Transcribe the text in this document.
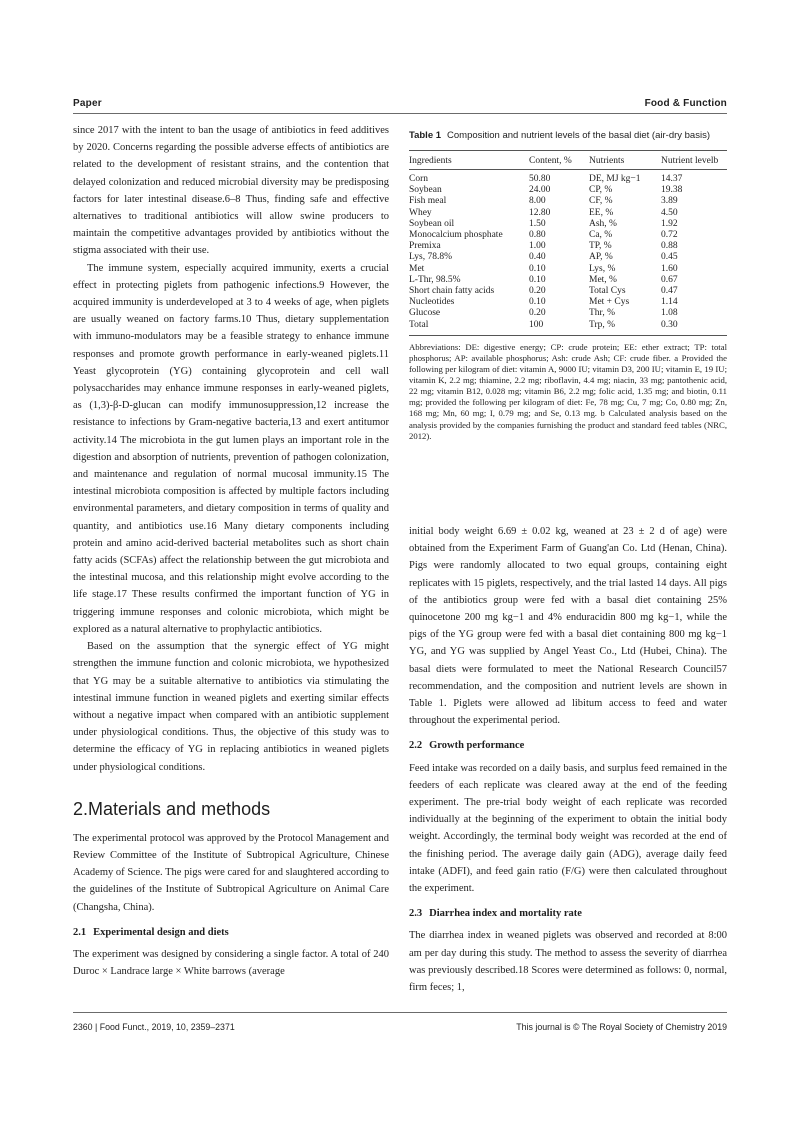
Paper	Food & Function

since 2017 with the intent to ban the usage of antibiotics in feed additives by 2020. Concerns regarding the possible adverse effects of antibiotics are related to the development of resistant strains, and the contention that delayed colonization and reduced microbial diversity may be predisposing factors for later intestinal disease.6–8 Thus, finding safe and effective alternatives to traditional antibiotics will allow swine producers to maintain the competitive advantages provided by antibiotics without the stigma associated with their use.

The immune system, especially acquired immunity, exerts a crucial effect in protecting piglets from pathogenic infections.9 However, the acquired immunity is underdeveloped at 3 to 4 weeks of age, when piglets are usually weaned on factory farms.10 Thus, dietary supplementation with immuno-modulators may be a feasible strategy to enhance immune responses and promote growth performance in early-weaned piglets.11 Yeast glycoprotein (YG) containing glycoprotein and cell wall polysaccharides may enhance immune responses in early-weaned piglets, as (1,3)-β-D-glucan can modify immunosuppression,12 increase the resistance to infections by Gram-negative bacteria,13 and exert antitumor activity.14 The microbiota in the gut lumen plays an important role in the digestion and absorption of nutrients, prevention of pathogen colonization, and maintenance and regulation of normal mucosal immunity.15 The intestinal microbiota composition is affected by multiple factors including environmental parameters, and dietary composition in terms of quality and quantity, and antibiotics use.16 Many dietary components including protein and amino acid-derived bacterial metabolites such as short chain fatty acids (SCFAs) affect the relationship between the gut microbiota and the intestinal mucosa, and this relationship might evolve according to the life stage.17 These results confirmed the important function of YG in triggering immune responses and colonic microbiota, which might be explored as a natural alternative to prophylactic antibiotics.

Based on the assumption that the synergic effect of YG might strengthen the immune function and colonic microbiota, we hypothesized that YG may be a suitable alternative to antibiotics via stimulating the intestinal immune function in weaned piglets and exerting similar effects without a negative impact when compared with an antibiotic supplement under physiological conditions. Thus, the objective of this study was to determine the efficacy of YG in replacing antibiotics in weaned piglets under physiological conditions.

2.Materials and methods

The experimental protocol was approved by the Protocol Management and Review Committee of the Institute of Subtropical Agriculture, Chinese Academy of Science. The pigs were cared for and slaughtered according to the guidelines of the Institute of Subtropical Agriculture on Animal Care (Changsha, China).

2.1 Experimental design and diets

The experiment was designed by considering a single factor. A total of 240 Duroc × Landrace large × White barrows (average

Table 1 Composition and nutrient levels of the basal diet (air-dry basis)
Ingredients	Content, %	Nutrients	Nutrient levelb
Corn	50.80	DE, MJ kg−1	14.37
Soybean	24.00	CP, %	19.38
Fish meal	8.00	CF, %	3.89
Whey	12.80	EE, %	4.50
Soybean oil	1.50	Ash, %	1.92
Monocalcium phosphate	0.80	Ca, %	0.72
Premixa	1.00	TP, %	0.88
Lys, 78.8%	0.40	AP, %	0.45
Met	0.10	Lys, %	1.60
L-Thr, 98.5%	0.10	Met, %	0.67
Short chain fatty acids	0.20	Total Cys	0.47
Nucleotides	0.10	Met + Cys	1.14
Glucose	0.20	Thr, %	1.08
Total	100	Trp, %	0.30
Abbreviations: DE: digestive energy; CP: crude protein; EE: ether extract; TP: total phosphorus; AP: available phosphorus; Ash: crude Ash; CF: crude fiber. a Provided the following per kilogram of diet: vitamin A, 9000 IU; vitamin D3, 200 IU; vitamin E, 19 IU; vitamin K, 2.2 mg; thiamine, 2.2 mg; riboflavin, 4.4 mg; niacin, 33 mg; pantothenic acid, 22 mg; vitamin B12, 0.028 mg; vitamin B6, 2.2 mg; folic acid, 1.35 mg; and biotin, 0.11 mg; provided the following per kilogram of diet: Fe, 78 mg; Cu, 7 mg; Co, 0.80 mg; Zn, 168 mg; Mn, 60 mg; I, 0.79 mg; and Se, 0.13 mg. b Calculated analysis based on the analysis provided by the companies furnishing the product and standard feed tables (NRC, 2012).

initial body weight 6.69 ± 0.02 kg, weaned at 23 ± 2 d of age) were obtained from the Experiment Farm of Guang'an Co. Ltd (Henan, China). Pigs were randomly allocated to two equal groups, containing eight replicates with 15 piglets, respectively, and the trial lasted 14 days. All pigs of the antibiotics group were fed with a basal diet containing 25% quinocetone 200 mg kg−1 and 4% enduracidin 800 mg kg−1, while the pigs of the YG group were fed with a basal diet containing 800 mg kg−1 YG, and YG was supplied by Angel Yeast Co., Ltd (Hubei, China). The basal diets were formulated to meet the National Research Council57 recommendation, and the composition and nutrient levels are shown in Table 1. Piglets were allowed ad libitum access to feed and water throughout the experimental period.

2.2 Growth performance

Feed intake was recorded on a daily basis, and surplus feed remained in the feeders of each replicate was cleared away at the end of the feeding experiment. The pre-trial body weight of each replicate was recorded individually at the beginning of the experiment to obtain the initial body weight. Accordingly, the terminal body weight was recorded at the end of the finishing period. The average daily gain (ADG), average daily feed intake (ADFI), and feed gain ratio (F/G) were then calculated throughout the experiment.

2.3 Diarrhea index and mortality rate

The diarrhea index in weaned piglets was observed and recorded at 8:00 am per day during this study. The method to assess the severity of diarrhea was previously described.18 Scores were determined as follows: 0, normal, firm feces; 1,

2360 | Food Funct., 2019, 10, 2359–2371	This journal is © The Royal Society of Chemistry 2019
